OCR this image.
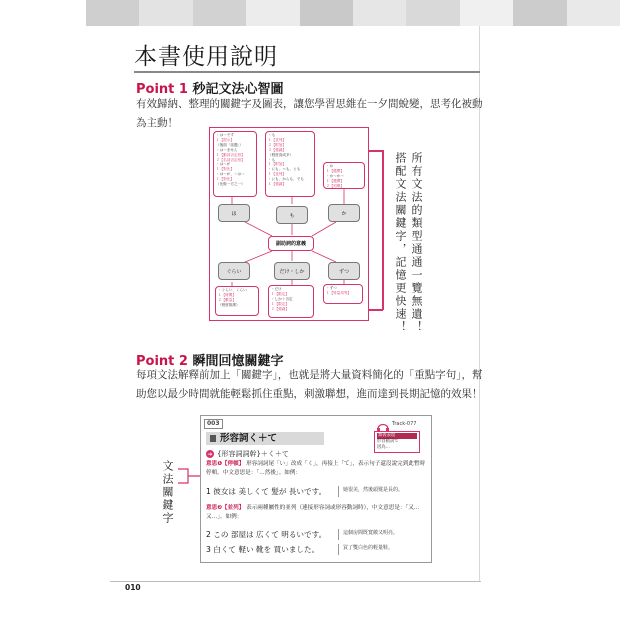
本書使用說明
Point 1 秒記文法心智圖
有效歸納、整理的關鍵字及圖表，讓您學習思維在一夕間蛻變，思考化被動為主動！
・は～です
１【提示】
（後面「話題」）
・は～ません
１【動詞否定形】
２【名詞否定形】
・は～が
１【對比】
・は～が、～は～
１【對比】
（比較一方之一）
・も
１【並列】
２【附加】
３【強調】
（程度高或多）
・も
１【附加】
・にも、へも、とも
１【並列】
・にも、からも、でも
１【強調】
・か
１【選擇】
・か～か～
１【選擇】
２【列舉】
は	も	か
副助詞的意義
ぐらい	だけ・しか	ずつ
・ぐらい、くらい
１【時間】
２【數量】
（程度推測）
・だけ
１【限定】
・しか＋否定
１【限定】
２【強調】
・ずつ
１【等量均等】	所有文法的類型通通一覽無遺！
搭配文法關鍵字，記憶更快速！
Point 2 瞬間回憶關鍵字
每項文法解釋前加上「關鍵字」，也就是將大量資料簡化的「重點字句」，幫助您以最少時間就能輕鬆抓住重點，刺激聯想，進而達到長期記憶的效果！
文法關鍵字
003
形容詞く＋て
➔ {形容詞詞幹}＋く＋て
Track-077
類義表現
形容動詞で
因為…
意思❶【停頓】 形容詞詞尾「い」改成「く」，再接上「て」，表示句子還沒說完到此暫時停頓。中文意思是：「…然後」。如例：
1 彼女は 美しくて 髪が 長いです。	她很美，然後頭髮是長的。
意思❷【並列】 表示兩種屬性的並列（連接形容詞或形容動詞時），中文意思是：「又…又…」。如例：
2 この 部屋は 広くて 明るいです。	這個房間既寬敞又明亮。
3 白くて 軽い 靴を 買いました。	買了雙白色的輕量鞋。
010
